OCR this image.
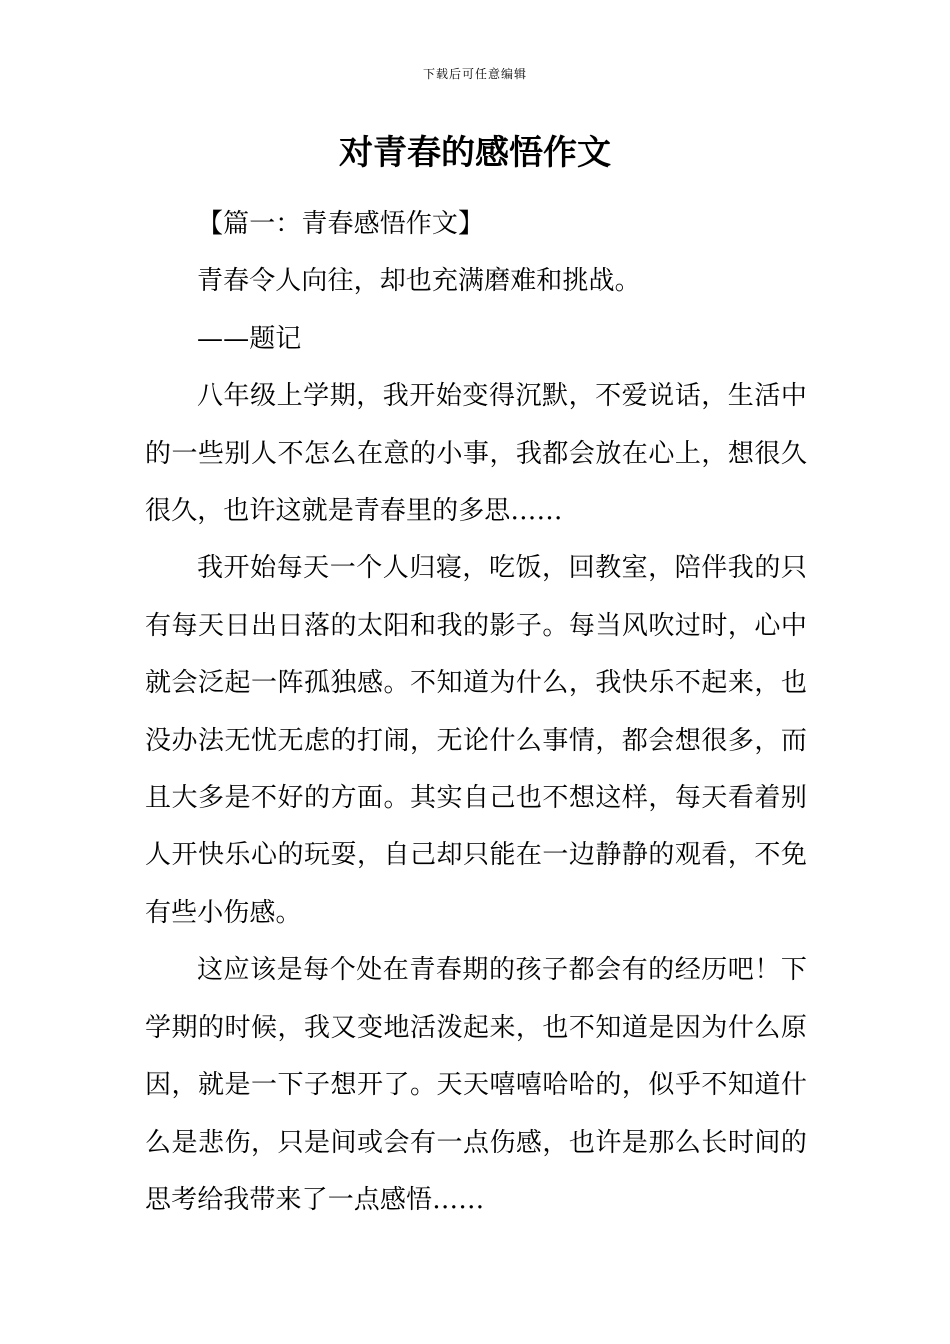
下载后可任意编辑
对青春的感悟作文

【篇一：青春感悟作文】

青春令人向往，却也充满磨难和挑战。

——题记

八年级上学期，我开始变得沉默，不爱说话，生活中的一些别人不怎么在意的小事，我都会放在心上，想很久很久，也许这就是青春里的多思……

我开始每天一个人归寝，吃饭，回教室，陪伴我的只有每天日出日落的太阳和我的影子。每当风吹过时，心中就会泛起一阵孤独感。不知道为什么，我快乐不起来，也没办法无忧无虑的打闹，无论什么事情，都会想很多，而且大多是不好的方面。其实自己也不想这样，每天看着别人开快乐心的玩耍，自己却只能在一边静静的观看，不免有些小伤感。

这应该是每个处在青春期的孩子都会有的经历吧！下学期的时候，我又变地活泼起来，也不知道是因为什么原因，就是一下子想开了。天天嘻嘻哈哈的，似乎不知道什么是悲伤，只是间或会有一点伤感，也许是那么长时间的思考给我带来了一点感悟……
